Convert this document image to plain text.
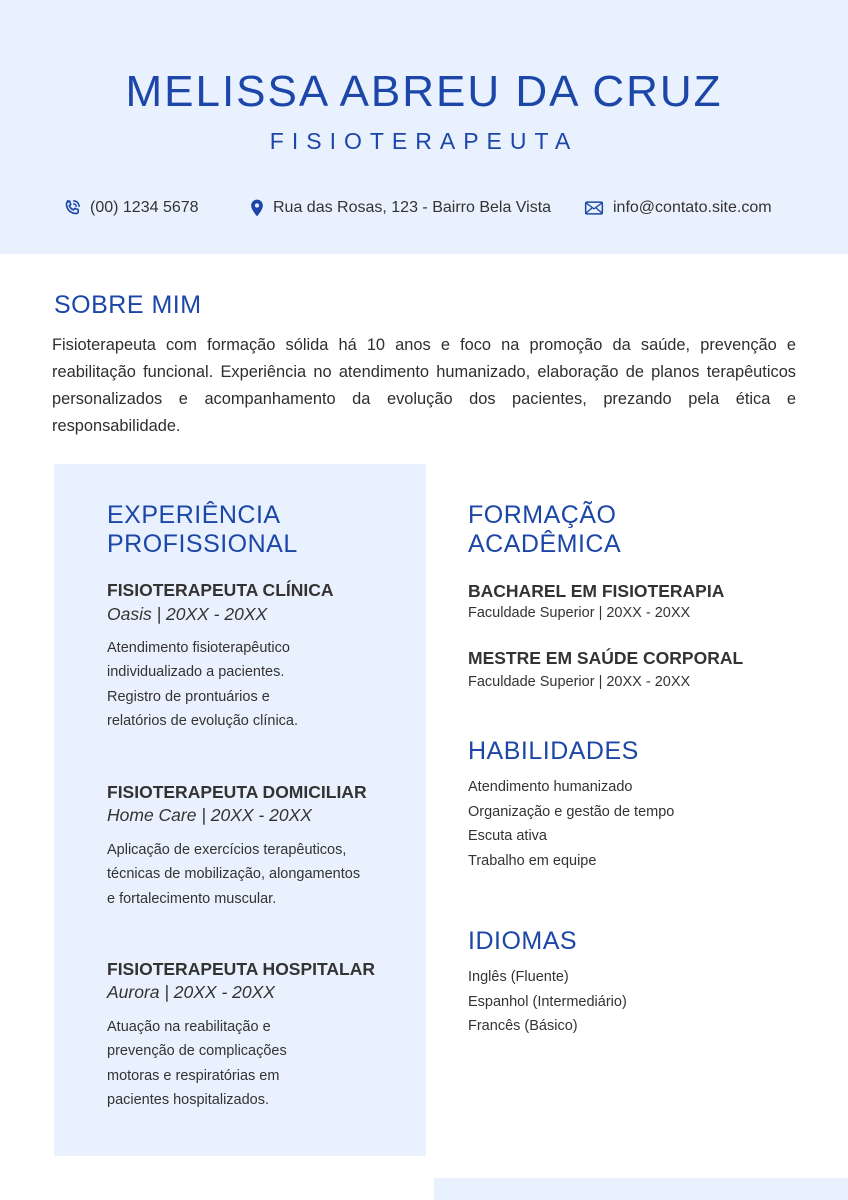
MELISSA ABREU DA CRUZ
FISIOTERAPEUTA
(00) 1234 5678	Rua das Rosas, 123 - Bairro Bela Vista	info@contato.site.com
SOBRE MIM
Fisioterapeuta com formação sólida há 10 anos e foco na promoção da saúde, prevenção e reabilitação funcional. Experiência no atendimento humanizado, elaboração de planos terapêuticos personalizados e acompanhamento da evolução dos pacientes, prezando pela ética e responsabilidade.
EXPERIÊNCIA
PROFISSIONAL
FISIOTERAPEUTA CLÍNICA
Oasis | 20XX - 20XX
Atendimento fisioterapêutico
individualizado a pacientes.
Registro de prontuários e
relatórios de evolução clínica.
FISIOTERAPEUTA DOMICILIAR
Home Care | 20XX - 20XX
Aplicação de exercícios terapêuticos,
técnicas de mobilização, alongamentos
e fortalecimento muscular.
FISIOTERAPEUTA HOSPITALAR
Aurora | 20XX - 20XX
Atuação na reabilitação e
prevenção de complicações
motoras e respiratórias em
pacientes hospitalizados.
FORMAÇÃO
ACADÊMICA
BACHAREL EM FISIOTERAPIA
Faculdade Superior | 20XX - 20XX
MESTRE EM SAÚDE CORPORAL
Faculdade Superior | 20XX - 20XX
HABILIDADES
Atendimento humanizado
Organização e gestão de tempo
Escuta ativa
Trabalho em equipe
IDIOMAS
Inglês (Fluente)
Espanhol (Intermediário)
Francês (Básico)
